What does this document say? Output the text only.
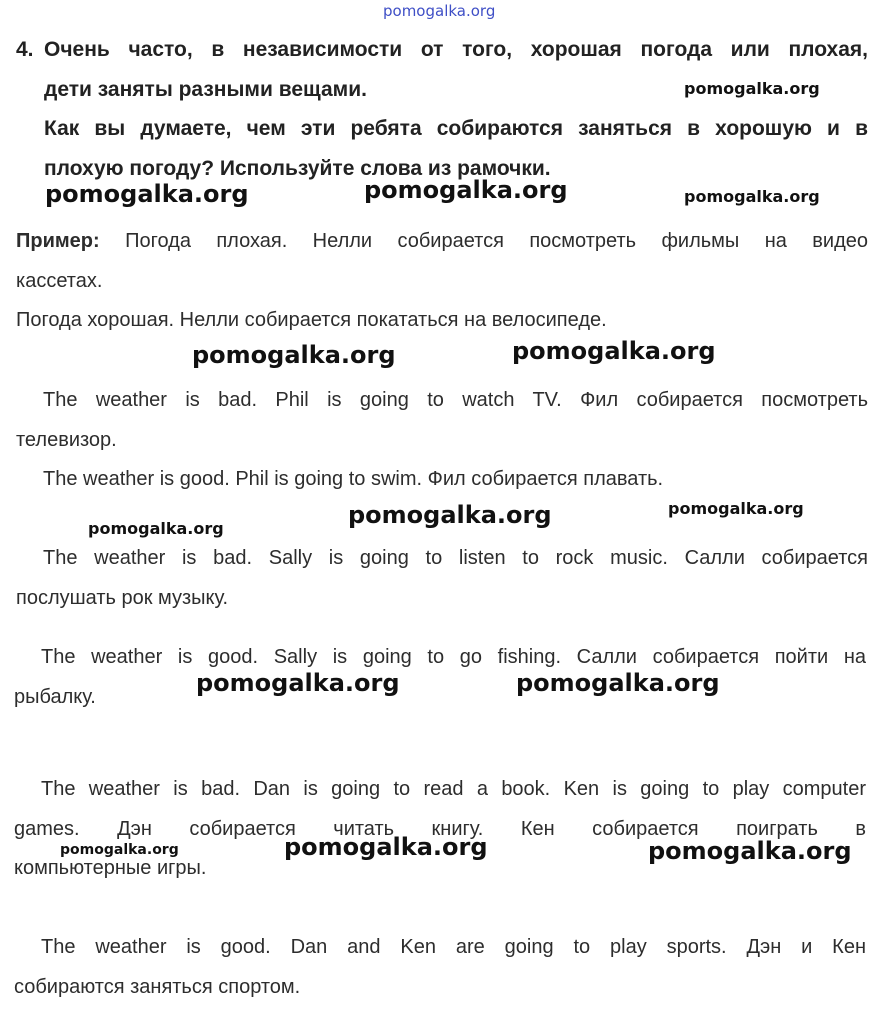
pomogalka.org
4. Очень часто, в независимости от того, хорошая погода или плохая,
дети заняты разными вещами.
Как вы думаете, чем эти ребята собираются заняться в хорошую и в
плохую погоду? Используйте слова из рамочки.
Пример: Погода плохая. Нелли собирается посмотреть фильмы на видео
кассетах.
Погода хорошая. Нелли собирается покататься на велосипеде.
The weather is bad. Phil is going to watch TV. Фил собирается посмотреть
телевизор.
The weather is good. Phil is going to swim. Фил собирается плавать.
The weather is bad. Sally is going to listen to rock music. Салли собирается
послушать рок музыку.
The weather is good. Sally is going to go fishing. Салли собирается пойти на
рыбалку.
The weather is bad. Dan is going to read a book. Ken is going to play computer
games. Дэн собирается читать книгу. Кен собирается поиграть в
компьютерные игры.
The weather is good. Dan and Ken are going to play sports. Дэн и Кен
собираются заняться спортом.
pomogalka.org
pomogalka.org	pomogalka.org	pomogalka.org
pomogalka.org	pomogalka.org
pomogalka.org	pomogalka.org	pomogalka.org
pomogalka.org	pomogalka.org
pomogalka.org	pomogalka.org	pomogalka.org
